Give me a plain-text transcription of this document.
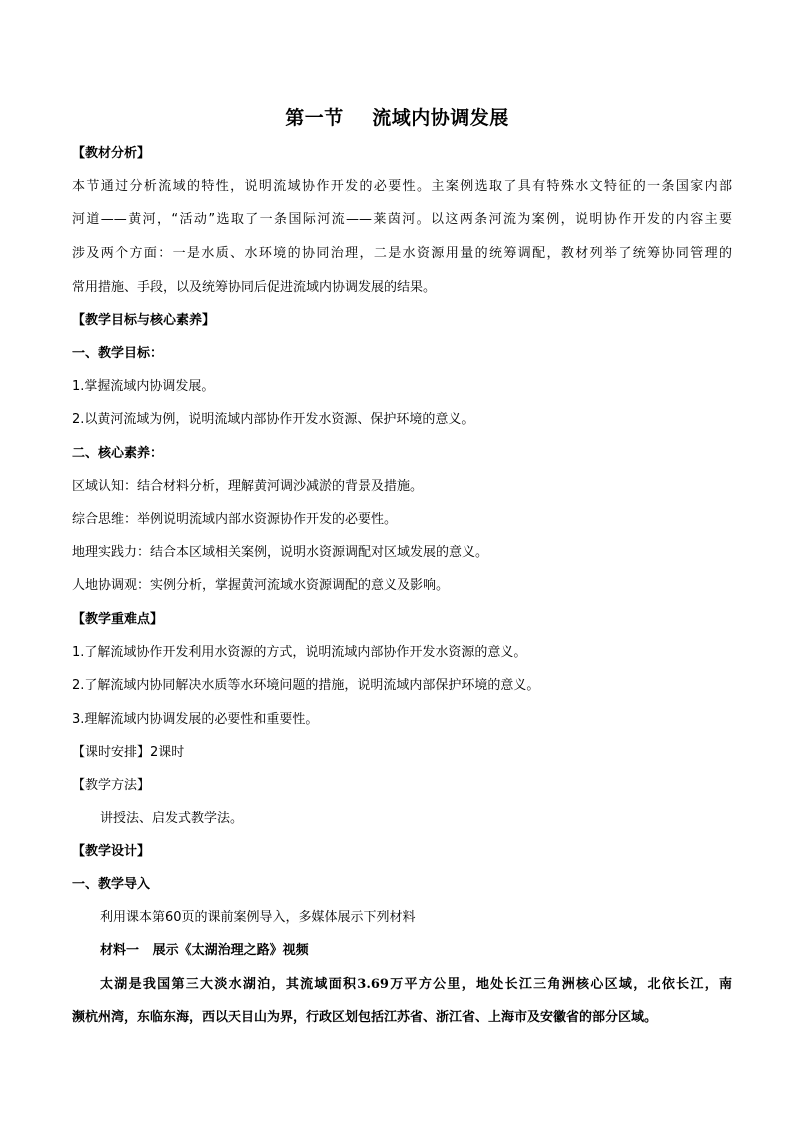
第一节    流域内协调发展
【教材分析】
本节通过分析流域的特性，说明流域协作开发的必要性。主案例选取了具有特殊水文特征的一条国家内部
河道——黄河，“活动”选取了一条国际河流——莱茵河。以这两条河流为案例，说明协作开发的内容主要
涉及两个方面：一是水质、水环境的协同治理，二是水资源用量的统筹调配，教材列举了统筹协同管理的
常用措施、手段，以及统筹协同后促进流域内协调发展的结果。
【教学目标与核心素养】
一、教学目标：
1.掌握流域内协调发展。
2.以黄河流域为例，说明流域内部协作开发水资源、保护环境的意义。
二、核心素养：
区域认知：结合材料分析，理解黄河调沙减淤的背景及措施。
综合思维：举例说明流域内部水资源协作开发的必要性。
地理实践力：结合本区域相关案例，说明水资源调配对区域发展的意义。
人地协调观：实例分析，掌握黄河流域水资源调配的意义及影响。
【教学重难点】
1.了解流域协作开发利用水资源的方式，说明流域内部协作开发水资源的意义。
2.了解流域内协同解决水质等水环境问题的措施，说明流域内部保护环境的意义。
3.理解流域内协调发展的必要性和重要性。
【课时安排】2课时
【教学方法】
讲授法、启发式教学法。
【教学设计】
一、教学导入
利用课本第60页的课前案例导入，多媒体展示下列材料
材料一   展示《太湖治理之路》视频
太湖是我国第三大淡水湖泊，其流域面积3.69万平方公里，地处长江三角洲核心区域，北依长江，南
濒杭州湾，东临东海，西以天目山为界，行政区划包括江苏省、浙江省、上海市及安徽省的部分区域。
